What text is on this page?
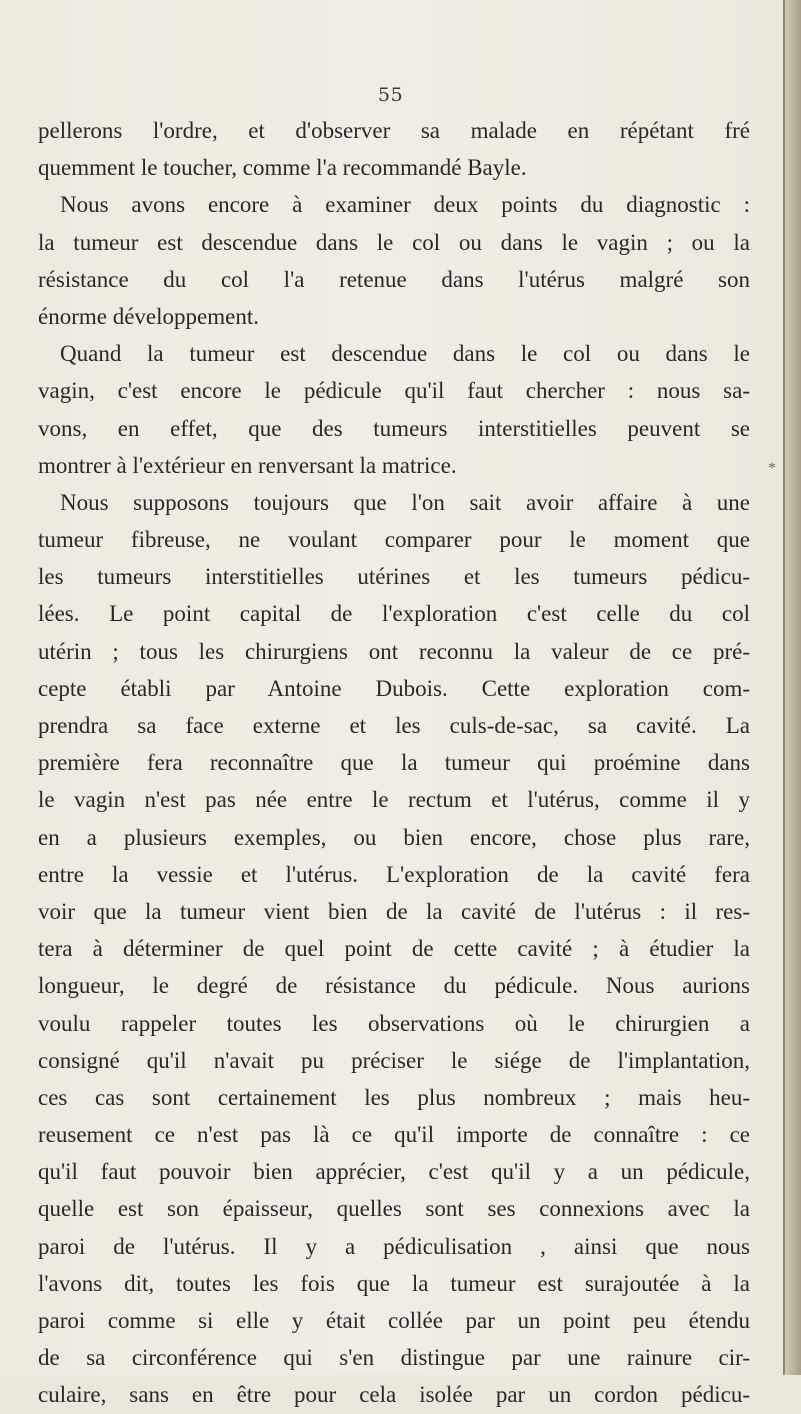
55
*
pellerons l'ordre, et d'observer sa malade en répétant fré
quemment le toucher, comme l'a recommandé Bayle.
Nous avons encore à examiner deux points du diagnostic :
la tumeur est descendue dans le col ou dans le vagin ; ou la
résistance du col l'a retenue dans l'utérus malgré son
énorme développement.
Quand la tumeur est descendue dans le col ou dans le
vagin, c'est encore le pédicule qu'il faut chercher : nous sa-
vons, en effet, que des tumeurs interstitielles peuvent se
montrer à l'extérieur en renversant la matrice.
Nous supposons toujours que l'on sait avoir affaire à une
tumeur fibreuse, ne voulant comparer pour le moment que
les tumeurs interstitielles utérines et les tumeurs pédicu-
lées. Le point capital de l'exploration c'est celle du col
utérin ; tous les chirurgiens ont reconnu la valeur de ce pré-
cepte établi par Antoine Dubois. Cette exploration com-
prendra sa face externe et les culs-de-sac, sa cavité. La
première fera reconnaître que la tumeur qui proémine dans
le vagin n'est pas née entre le rectum et l'utérus, comme il y
en a plusieurs exemples, ou bien encore, chose plus rare,
entre la vessie et l'utérus. L'exploration de la cavité fera
voir que la tumeur vient bien de la cavité de l'utérus : il res-
tera à déterminer de quel point de cette cavité ; à étudier la
longueur, le degré de résistance du pédicule. Nous aurions
voulu rappeler toutes les observations où le chirurgien a
consigné qu'il n'avait pu préciser le siége de l'implantation,
ces cas sont certainement les plus nombreux ; mais heu-
reusement ce n'est pas là ce qu'il importe de connaître : ce
qu'il faut pouvoir bien apprécier, c'est qu'il y a un pédicule,
quelle est son épaisseur, quelles sont ses connexions avec la
paroi de l'utérus. Il y a pédiculisation , ainsi que nous
l'avons dit, toutes les fois que la tumeur est surajoutée à la
paroi comme si elle y était collée par un point peu étendu
de sa circonférence qui s'en distingue par une rainure cir-
culaire, sans en être pour cela isolée par un cordon pédicu-
